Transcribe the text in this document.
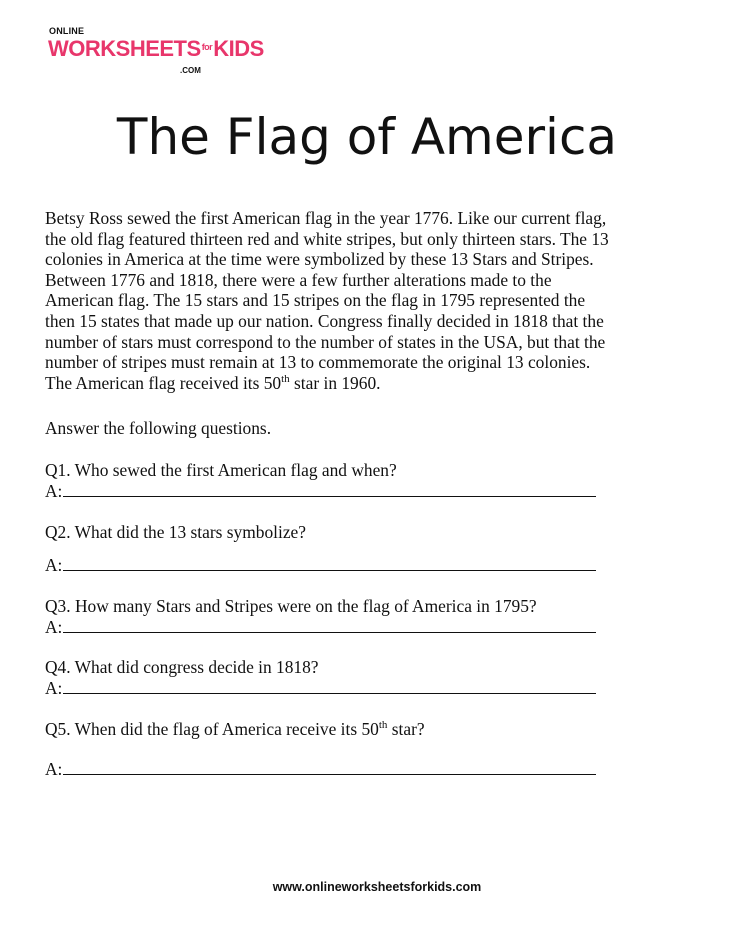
ONLINE
$WORKSHEETS^{for}KIDS$
.COM
The Flag of America

Betsy Ross sewed the first American flag in the year 1776. Like our current flag,
the old flag featured thirteen red and white stripes, but only thirteen stars. The 13
colonies in America at the time were symbolized by these 13 Stars and Stripes.
Between 1776 and 1818, there were a few further alterations made to the
American flag. The 15 stars and 15 stripes on the flag in 1795 represented the
then 15 states that made up our nation. Congress finally decided in 1818 that the
number of stars must correspond to the number of states in the USA, but that the
number of stripes must remain at 13 to commemorate the original 13 colonies.
The American flag received its 50th star in 1960.

Answer the following questions.

Q1. Who sewed the first American flag and when?
A:
Q2. What did the 13 stars symbolize?
A:
Q3. How many Stars and Stripes were on the flag of America in 1795?
A:
Q4. What did congress decide in 1818?
A:
Q5. When did the flag of America receive its 50th star?
A:
www.onlineworksheetsforkids.com
